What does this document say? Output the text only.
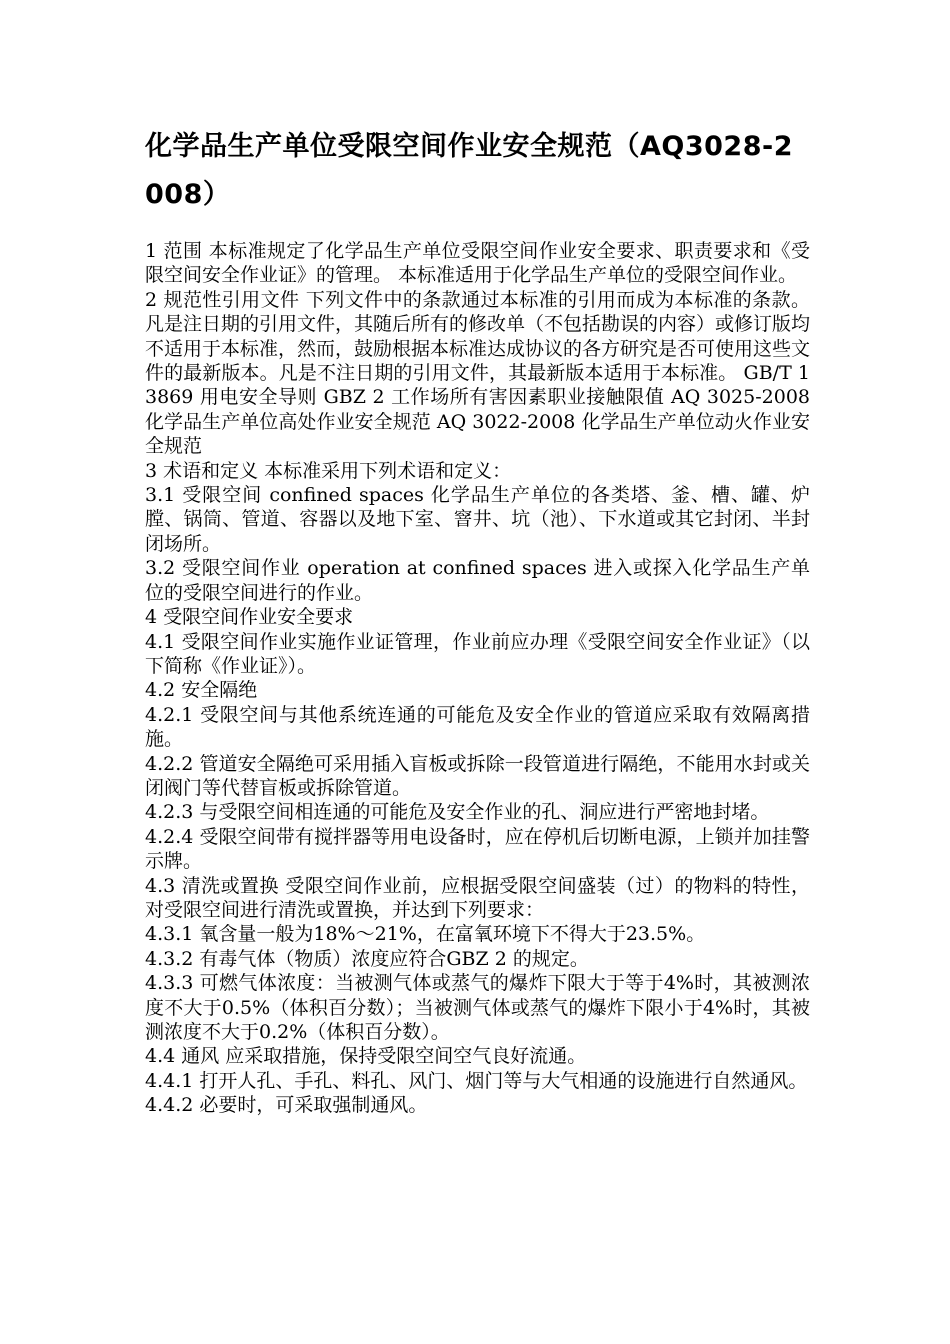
化学品生产单位受限空间作业安全规范（AQ3028-2008）

1 范围 本标准规定了化学品生产单位受限空间作业安全要求、职责要求和《受限空间安全作业证》的管理。 本标准适用于化学品生产单位的受限空间作业。

2 规范性引用文件 下列文件中的条款通过本标准的引用而成为本标准的条款。凡是注日期的引用文件，其随后所有的修改单（不包括勘误的内容）或修订版均不适用于本标准，然而，鼓励根据本标准达成协议的各方研究是否可使用这些文件的最新版本。凡是不注日期的引用文件，其最新版本适用于本标准。 GB/T 13869 用电安全导则 GBZ 2 工作场所有害因素职业接触限值 AQ 3025-2008 化学品生产单位高处作业安全规范 AQ 3022-2008 化学品生产单位动火作业安全规范

3 术语和定义 本标准采用下列术语和定义：

3.1 受限空间 confined spaces 化学品生产单位的各类塔、釜、槽、罐、炉膛、锅筒、管道、容器以及地下室、窨井、坑（池）、下水道或其它封闭、半封闭场所。

3.2 受限空间作业 operation at confined spaces 进入或探入化学品生产单位的受限空间进行的作业。

4 受限空间作业安全要求

4.1 受限空间作业实施作业证管理，作业前应办理《受限空间安全作业证》（以下简称《作业证》）。

4.2 安全隔绝

4.2.1 受限空间与其他系统连通的可能危及安全作业的管道应采取有效隔离措施。

4.2.2 管道安全隔绝可采用插入盲板或拆除一段管道进行隔绝，不能用水封或关闭阀门等代替盲板或拆除管道。

4.2.3 与受限空间相连通的可能危及安全作业的孔、洞应进行严密地封堵。

4.2.4 受限空间带有搅拌器等用电设备时，应在停机后切断电源，上锁并加挂警示牌。

4.3 清洗或置换 受限空间作业前，应根据受限空间盛装（过）的物料的特性，对受限空间进行清洗或置换，并达到下列要求：

4.3.1 氧含量一般为18%～21%，在富氧环境下不得大于23.5%。

4.3.2 有毒气体（物质）浓度应符合GBZ 2 的规定。

4.3.3 可燃气体浓度：当被测气体或蒸气的爆炸下限大于等于4%时，其被测浓度不大于0.5%（体积百分数）；当被测气体或蒸气的爆炸下限小于4%时，其被测浓度不大于0.2%（体积百分数）。

4.4 通风 应采取措施，保持受限空间空气良好流通。

4.4.1 打开人孔、手孔、料孔、风门、烟门等与大气相通的设施进行自然通风。

4.4.2 必要时，可采取强制通风。
